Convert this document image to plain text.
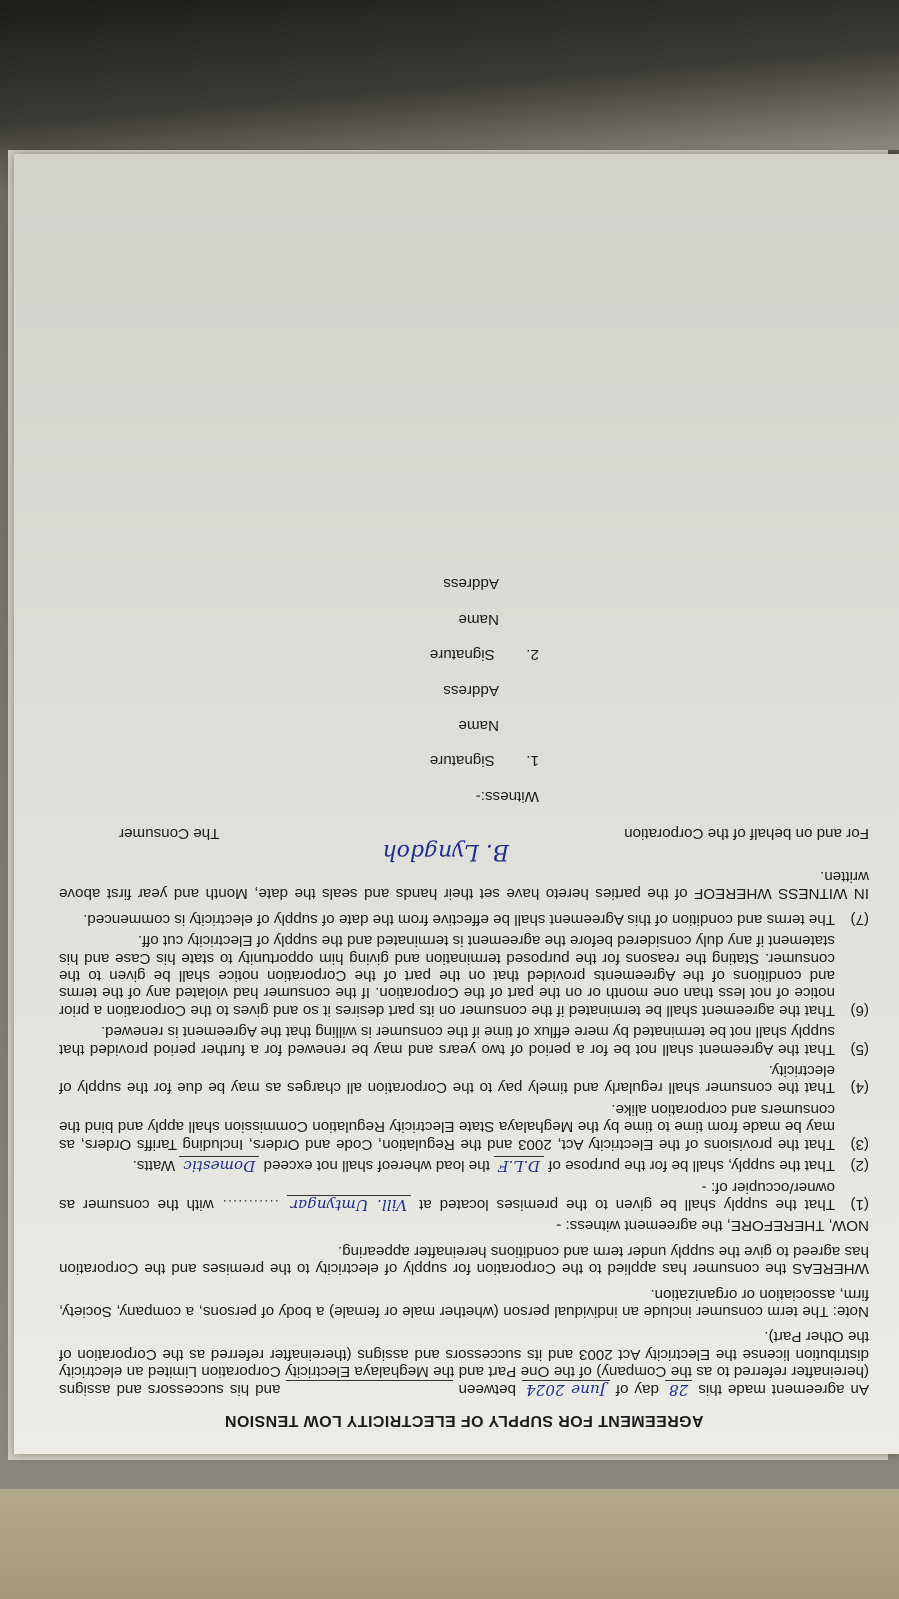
AGREEMENT FOR SUPPLY OF ELECTRICITY LOW TENSION

An agreement made this 28 day of June 2024 between                          and his successors and assigns (hereinafter referred to as the Company) of the One Part and the Meghalaya Electricity Corporation Limited an electricity distribution license the Electricity Act 2003 and its successors and assigns (thereinafter referred as the Corporation of the Other Part).

Note: The term consumer include an individual person (whether male or female) a body of persons, a company, Society, firm, association or organization.

WHEREAS the consumer has applied to the Corporation for supply of electricity to the premises and the Corporation has agreed to give the supply under term and conditions hereinafter appearing.

NOW, THEREFORE, the agreement witness: -

(1)
That the supply shall be given to the premises located at Vill. Umtyngar ........... with the consumer as owner/occupier of: -
(2)
That the supply, shall be for the purpose of D.L.F the load whereof shall not exceed Domestic Watts.
(3)
That the provisions of the Electricity Act, 2003 and the Regulation, Code and Orders, Including Tariffs Orders, as may be made from time to time by the Meghalaya State Electricity Regulation Commission shall apply and bind the consumers and corporation alike.
(4)
That the consumer shall regularly and timely pay to the Corporation all charges as may be due for the supply of electricity.
(5)
That the Agreement shall not be for a period of two years and may be renewed for a further period provided that supply shall not be terminated by mere efflux of time if the consumer is willing that the Agreement is renewed.
(6)
That the agreement shall be terminated if the consumer on its part desires it so and gives to the Corporation a prior notice of not less than one month or on the part of the Corporation. If the consumer had violated any of the terms and conditions of the Agreements provided that on the part of the Corporation notice shall be given to the consumer. Stating the reasons for the purposed termination and giving him opportunity to state his Case and his statement if any duly considered before the agreement is terminated and the supply of Electricity cut off.
(7)
The terms and condition of this Agreement shall be effective from the date of supply of electricity is commenced.

IN WITNESS WHEREOF of the parties hereto have set their hands and seals the date, Month and year first above written.

B. Lyngdoh
For and on behalf of the Corporation
The Consumer
Witness:-
1. Signature
Name
Address
2. Signature
Name
Address
